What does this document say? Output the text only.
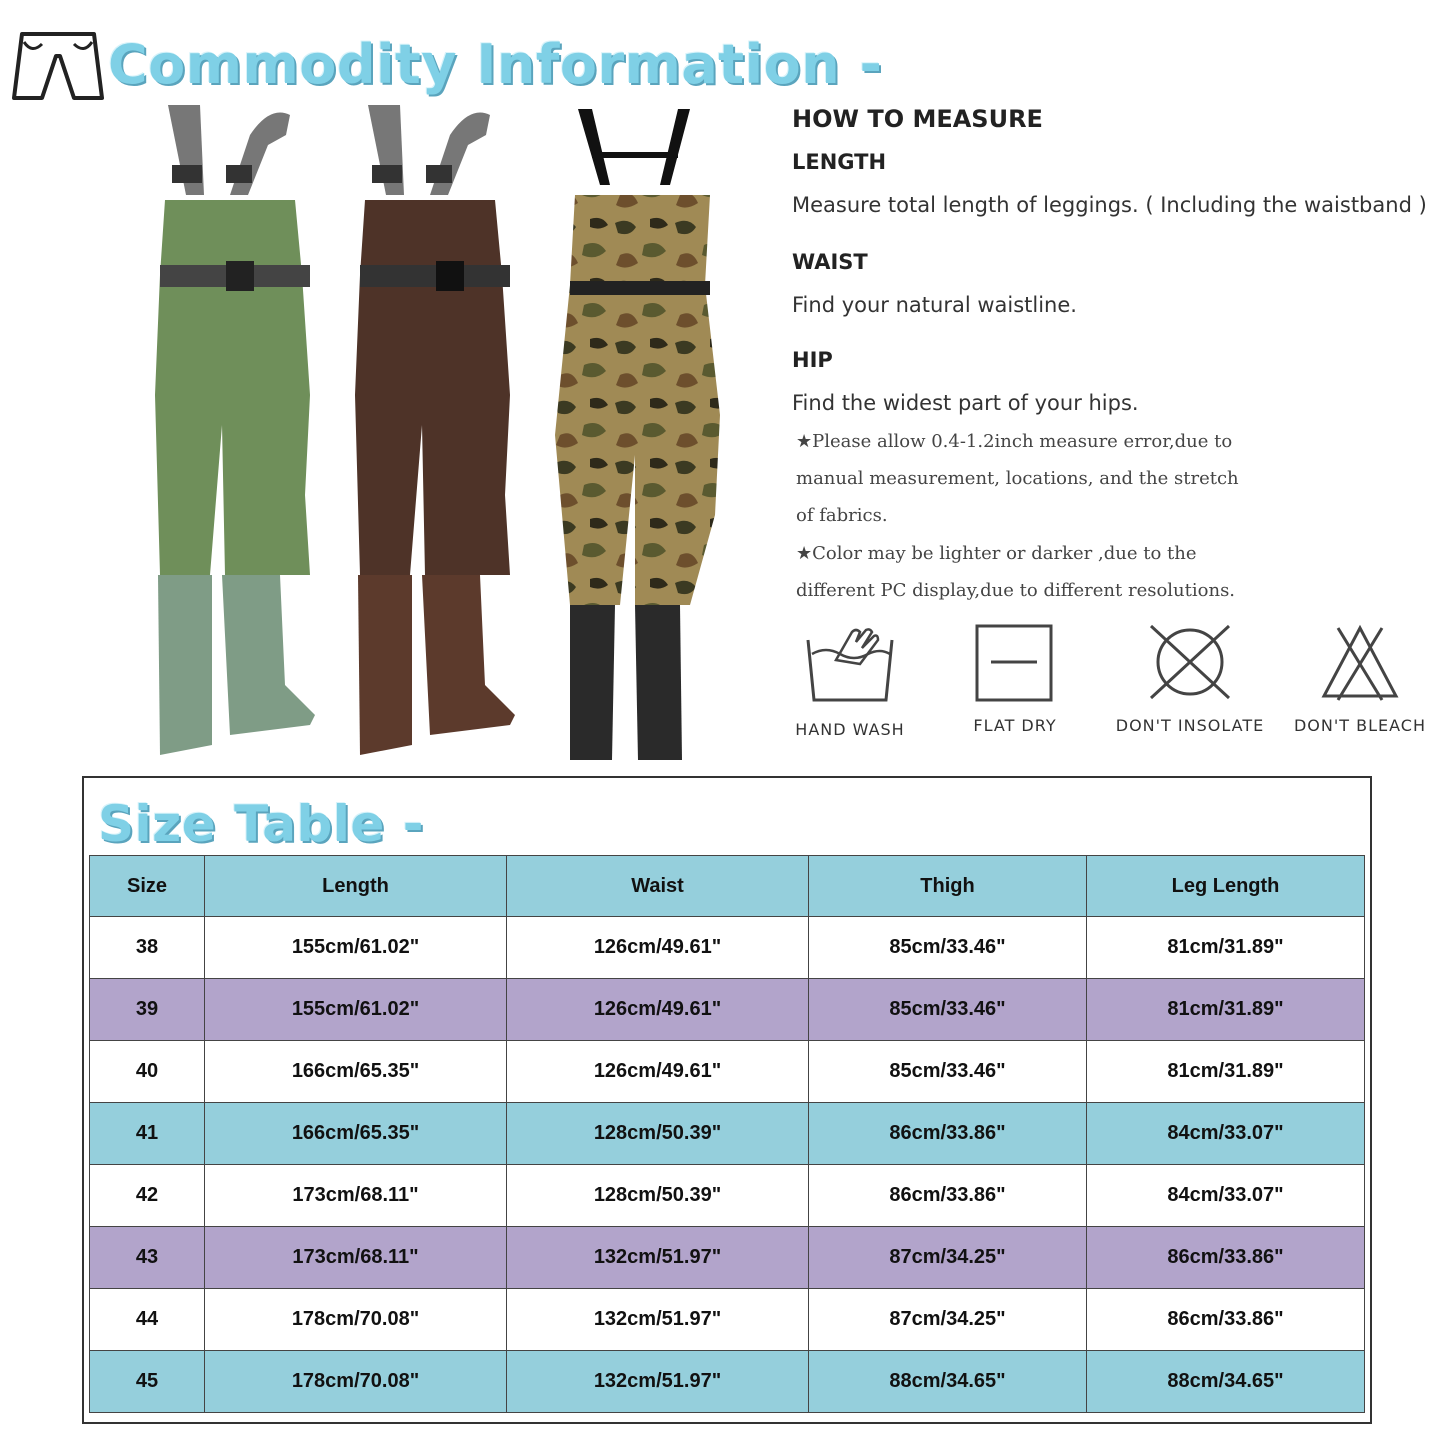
Commodity Information -
HOW TO MEASURE
LENGTH
Measure total length of leggings. ( Including the waistband )
WAIST
Find your natural waistline.
HIP
Find the widest part of your hips.
★Please allow 0.4-1.2inch measure error,due to
manual measurement, locations, and the stretch
of fabrics.
★Color may be lighter or darker ,due to the
different PC display,due to different resolutions.
HAND WASH	FLAT DRY	DON'T INSOLATE	DON'T BLEACH
Size Table -
Size	Length	Waist	Thigh	Leg Length
38	155cm/61.02"	126cm/49.61"	85cm/33.46"	81cm/31.89"
39	155cm/61.02"	126cm/49.61"	85cm/33.46"	81cm/31.89"
40	166cm/65.35"	126cm/49.61"	85cm/33.46"	81cm/31.89"
41	166cm/65.35"	128cm/50.39"	86cm/33.86"	84cm/33.07"
42	173cm/68.11"	128cm/50.39"	86cm/33.86"	84cm/33.07"
43	173cm/68.11"	132cm/51.97"	87cm/34.25"	86cm/33.86"
44	178cm/70.08"	132cm/51.97"	87cm/34.25"	86cm/33.86"
45	178cm/70.08"	132cm/51.97"	88cm/34.65"	88cm/34.65"
